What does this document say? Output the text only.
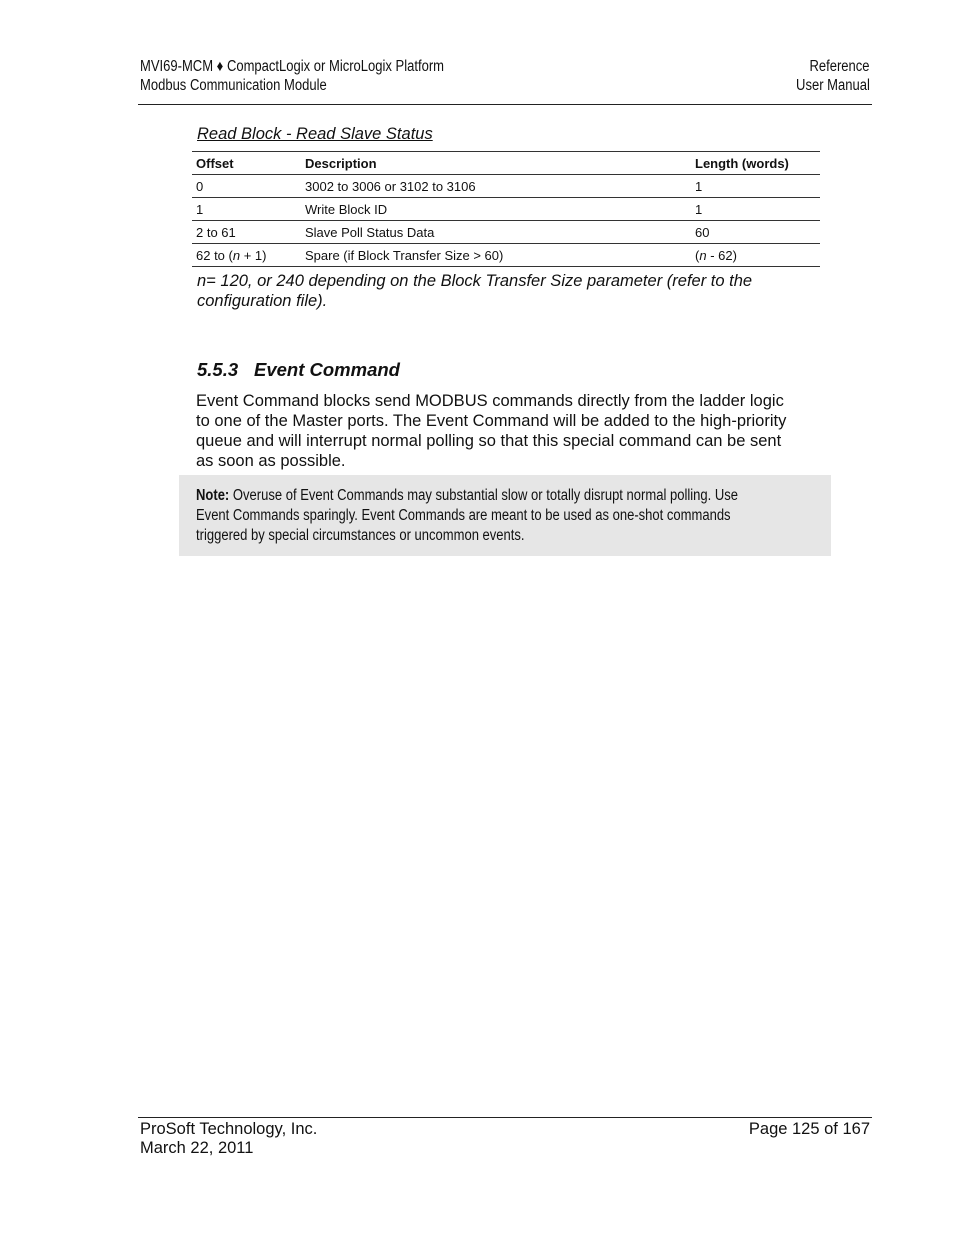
MVI69-MCM ♦ CompactLogix or MicroLogix Platform
Modbus Communication Module
Reference
User Manual
Read Block - Read Slave Status
Offset	Description	Length (words)
0	3002 to 3006 or 3102 to 3106	1
1	Write Block ID	1
2 to 61	Slave Poll Status Data	60
62 to (n + 1)	Spare (if Block Transfer Size > 60)	(n - 62)
n= 120, or 240 depending on the Block Transfer Size parameter (refer to the
configuration file).
5.5.3 Event Command
Event Command blocks send MODBUS commands directly from the ladder logic
to one of the Master ports. The Event Command will be added to the high-priority
queue and will interrupt normal polling so that this special command can be sent
as soon as possible.
Note: Overuse of Event Commands may substantial slow or totally disrupt normal polling. Use
Event Commands sparingly. Event Commands are meant to be used as one-shot commands
triggered by special circumstances or uncommon events.
ProSoft Technology, Inc.
March 22, 2011
Page 125 of 167
